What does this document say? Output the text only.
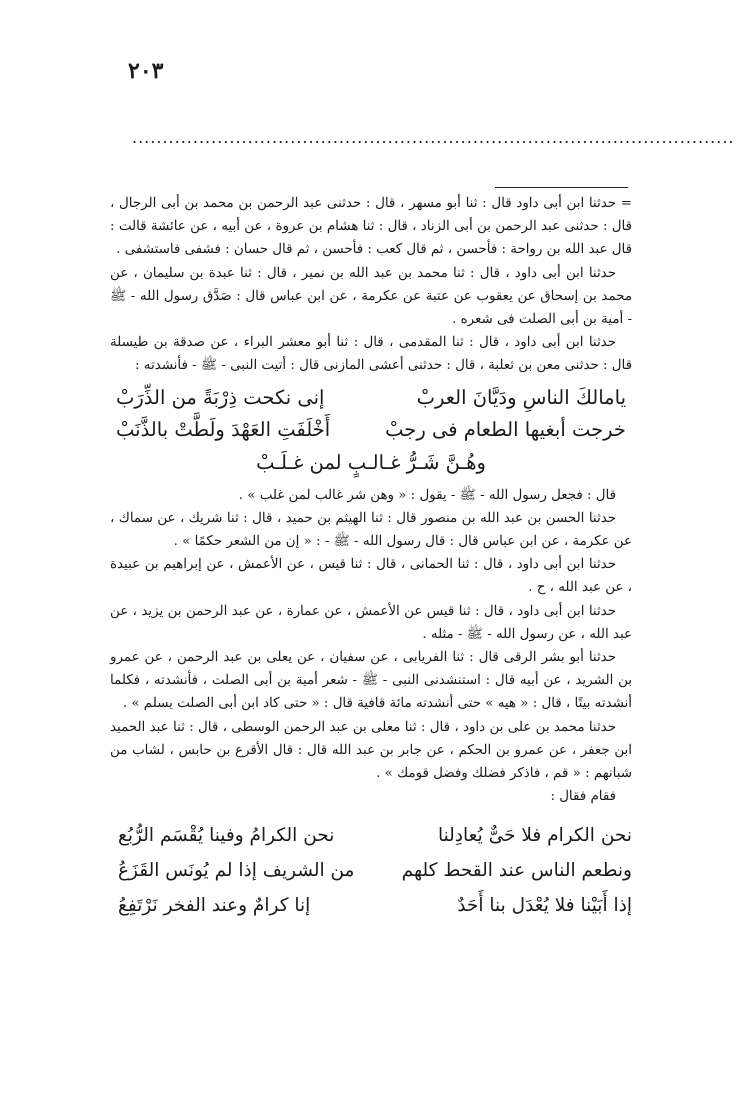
٢٠٣
...................................................................................................

= حدثنا ابن أبى داود قال : ثنا أبو مسهر ، قال : حدثنى عبد الرحمن بن محمد بن أبى الرجال ، قال : حدثنى عبد الرحمن بن أبى الزناد ، قال : ثنا هشام بن عروة ، عن أبيه ، عن عائشة قالت : قال عبد الله بن رواحة : فأحسن ، ثم قال كعب : فأحسن ، ثم قال حسان : فشفى فاستشفى .

حدثنا ابن أبى داود ، قال : ثنا محمد بن عبد الله بن نمير ، قال : ثنا عبدة بن سليمان ، عن محمد بن إسحاق عن يعقوب عن عتبة عن عكرمة ، عن ابن عباس قال : صَدَّق رسول الله - ﷺ - أمية بن أبى الصلت فى شعره .

حدثنا ابن أبى داود ، قال : ثنا المقدمى ، قال : ثنا أبو معشر البراء ، عن صدقة بن طيسلة قال : حدثنى معن بن ثعلبة ، قال : حدثنى أعشى المازنى قال : أتيت النبى - ﷺ - فأنشدته :

يامالكَ الناسِ ودَيَّانَ العربْ
إنى نكحت ذِرْبَةً من الذِّرَبْ
خرجت أبغيها الطعام فى رجبْ
أَخْلَفَتِ العَهْدَ ولَطَّتْ بالذَّنَبْ
وهُـنَّ شَـرُّ غـالـبٍ لمن غـلَـبْ

قال : فجعل رسول الله - ﷺ - يقول : « وهن شر غالب لمن غلب » .

حدثنا الحسن بن عبد الله بن منصور قال : ثنا الهيثم بن حميد ، قال : ثنا شريك ، عن سماك ، عن عكرمة ، عن ابن عباس قال : قال رسول الله - ﷺ - : « إن من الشعر حكمًا » .

حدثنا ابن أبى داود ، قال : ثنا الحمانى ، قال : ثنا قيس ، عن الأعمش ، عن إبراهيم بن عبيدة ، عن عبد الله ، ح .

حدثنا ابن أبى داود ، قال : ثنا قيس عن الأعمش ، عن عمارة ، عن عبد الرحمن بن يزيد ، عن عبد الله ، عن رسول الله - ﷺ - مثله .

حدثنا أبو بشر الرقى قال : ثنا الفريابى ، عن سفيان ، عن يعلى بن عبد الرحمن ، عن عمرو بن الشريد ، عن أبيه قال : استنشدنى النبى - ﷺ - شعر أمية بن أبى الصلت ، فأنشدته ، فكلما أنشدته بيتًا ، قال : « هيه » حتى أنشدته مائة قافية قال : « حتى كاد ابن أبى الصلت يسلم » .

حدثنا محمد بن على بن داود ، قال : ثنا معلى بن عبد الرحمن الوسطى ، قال : ثنا عبد الحميد ابن جعفر ، عن عمرو بن الحكم ، عن جابر بن عبد الله قال : قال الأقرع بن حابس ، لشاب من شبانهم : « قم ، فاذكر فضلك وفضل قومك » .

فقام فقال :

نحن الكرام فلا حَىٌّ يُعادِلنا
نحن الكرامُ وفينا يُقْسَم الرُّبُع
ونطعم الناس عند القحط كلهم
من الشريف إذا لم يُونَس القَزَعُ
إذا أَبَيْنا فلا يُعْدَل بنا أَحَدٌ
إنا كرامٌ وعند الفخر نَرْتَفِعُ
